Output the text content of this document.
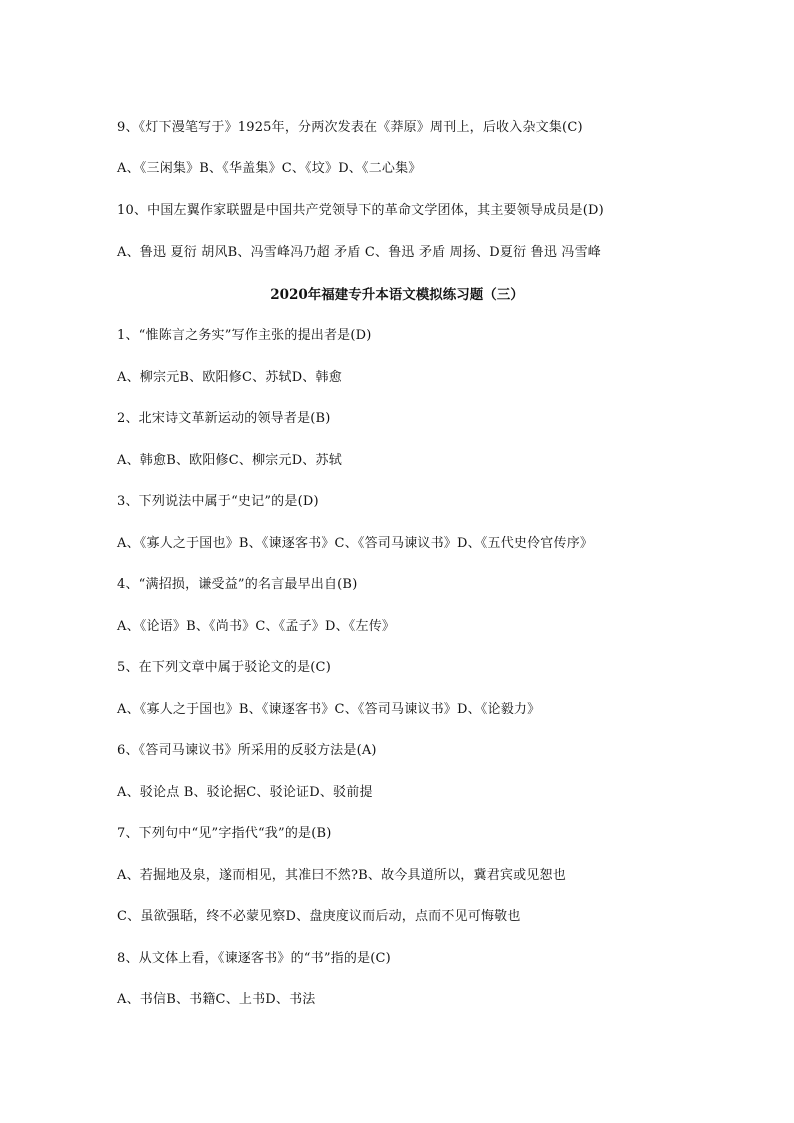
9、《灯下漫笔写于》1925年，分两次发表在《莽原》周刊上，后收入杂文集(C)
A、《三闲集》B、《华盖集》C、《坟》D、《二心集》
10、中国左翼作家联盟是中国共产党领导下的革命文学团体，其主要领导成员是(D)
A、鲁迅 夏衍 胡风B、冯雪峰冯乃超 矛盾 C、鲁迅 矛盾 周扬、D夏衍 鲁迅 冯雪峰
2020年福建专升本语文模拟练习题（三）
1、“惟陈言之务实”写作主张的提出者是(D)
A、柳宗元B、欧阳修C、苏轼D、韩愈
2、北宋诗文革新运动的领导者是(B)
A、韩愈B、欧阳修C、柳宗元D、苏轼
3、下列说法中属于“史记”的是(D)
A、《寡人之于国也》B、《谏逐客书》C、《答司马谏议书》D、《五代史伶官传序》
4、“满招损，谦受益”的名言最早出自(B)
A、《论语》B、《尚书》C、《孟子》D、《左传》
5、在下列文章中属于驳论文的是(C)
A、《寡人之于国也》B、《谏逐客书》C、《答司马谏议书》D、《论毅力》
6、《答司马谏议书》所采用的反驳方法是(A)
A、驳论点 B、驳论据C、驳论证D、驳前提
7、下列句中“见”字指代“我”的是(B)
A、若掘地及泉，遂而相见，其准曰不然?B、故今具道所以，冀君宾或见恕也
C、虽欲强聒，终不必蒙见察D、盘庚度议而后动，点而不见可悔敬也
8、从文体上看，《谏逐客书》的“书”指的是(C)
A、书信B、书籍C、上书D、书法
